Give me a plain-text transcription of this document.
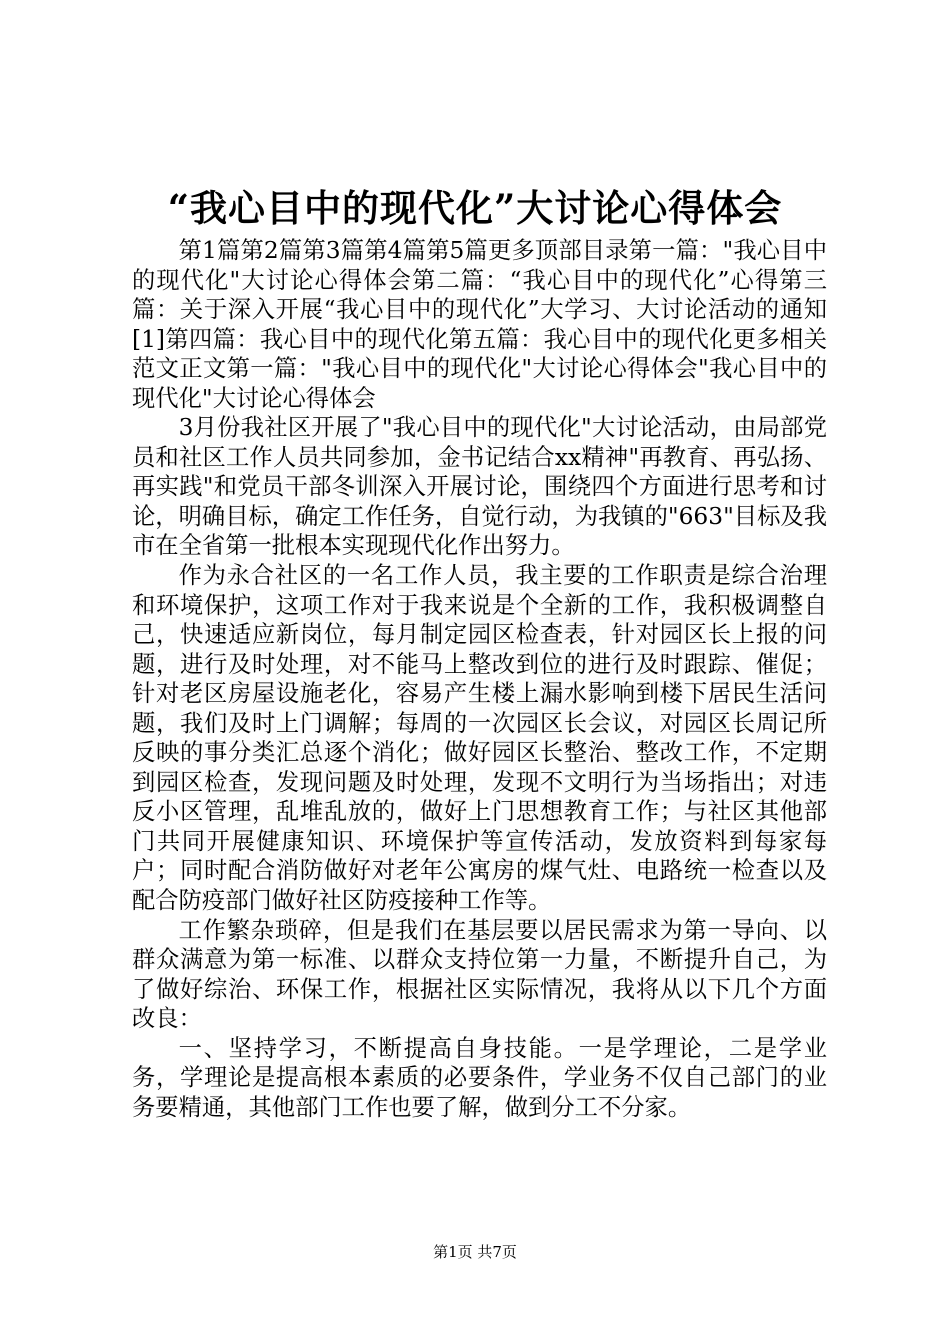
“我心目中的现代化”大讨论心得体会

第1篇第2篇第3篇第4篇第5篇更多顶部目录第一篇："我心目中的现代化"大讨论心得体会第二篇：“我心目中的现代化”心得第三篇：关于深入开展“我心目中的现代化”大学习、大讨论活动的通知[1]第四篇：我心目中的现代化第五篇：我心目中的现代化更多相关范文正文第一篇："我心目中的现代化"大讨论心得体会"我心目中的现代化"大讨论心得体会

3月份我社区开展了"我心目中的现代化"大讨论活动，由局部党员和社区工作人员共同参加，金书记结合xx精神"再教育、再弘扬、再实践"和党员干部冬训深入开展讨论，围绕四个方面进行思考和讨论，明确目标，确定工作任务，自觉行动，为我镇的"663"目标及我市在全省第一批根本实现现代化作出努力。

作为永合社区的一名工作人员，我主要的工作职责是综合治理和环境保护，这项工作对于我来说是个全新的工作，我积极调整自己，快速适应新岗位，每月制定园区检查表，针对园区长上报的问题，进行及时处理，对不能马上整改到位的进行及时跟踪、催促；针对老区房屋设施老化，容易产生楼上漏水影响到楼下居民生活问题，我们及时上门调解；每周的一次园区长会议，对园区长周记所反映的事分类汇总逐个消化；做好园区长整治、整改工作，不定期到园区检查，发现问题及时处理，发现不文明行为当场指出；对违反小区管理，乱堆乱放的，做好上门思想教育工作；与社区其他部门共同开展健康知识、环境保护等宣传活动，发放资料到每家每户；同时配合消防做好对老年公寓房的煤气灶、电路统一检查以及配合防疫部门做好社区防疫接种工作等。

工作繁杂琐碎，但是我们在基层要以居民需求为第一导向、以群众满意为第一标准、以群众支持位第一力量，不断提升自己，为了做好综治、环保工作，根据社区实际情况，我将从以下几个方面改良：

一、坚持学习，不断提高自身技能。一是学理论，二是学业务，学理论是提高根本素质的必要条件，学业务不仅自己部门的业务要精通，其他部门工作也要了解，做到分工不分家。

第1页 共7页
